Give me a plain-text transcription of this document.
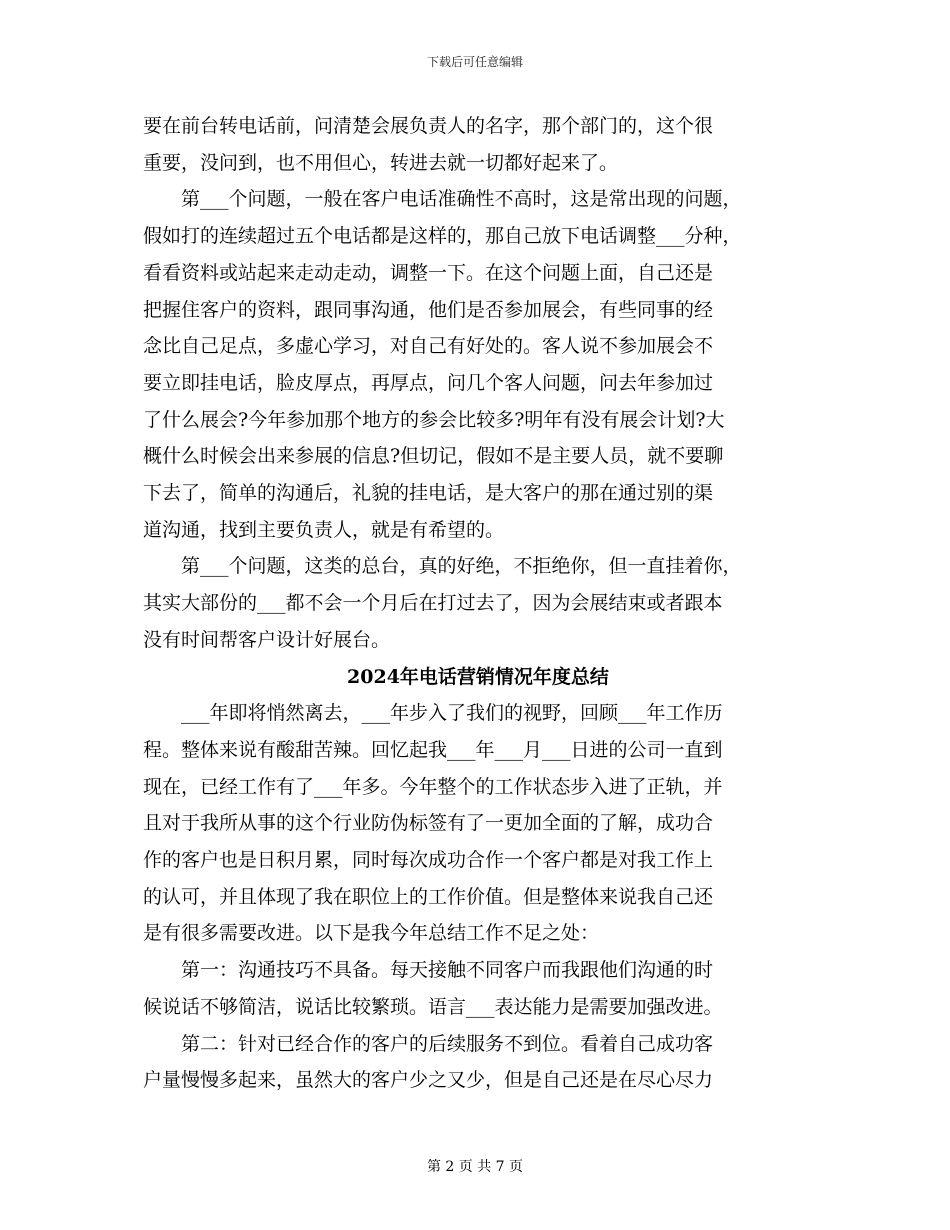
下载后可任意编辑
要在前台转电话前，问清楚会展负责人的名字，那个部门的，这个很
重要，没问到，也不用但心，转进去就一切都好起来了。
第___个问题，一般在客户电话准确性不高时，这是常出现的问题，
假如打的连续超过五个电话都是这样的，那自己放下电话调整___分种，
看看资料或站起来走动走动，调整一下。在这个问题上面，自己还是
把握住客户的资料，跟同事沟通，他们是否参加展会，有些同事的经
念比自己足点，多虚心学习，对自己有好处的。客人说不参加展会不
要立即挂电话，脸皮厚点，再厚点，问几个客人问题，问去年参加过
了什么展会?今年参加那个地方的参会比较多?明年有没有展会计划?大
概什么时候会出来参展的信息?但切记，假如不是主要人员，就不要聊
下去了，简单的沟通后，礼貌的挂电话，是大客户的那在通过别的渠
道沟通，找到主要负责人，就是有希望的。
第___个问题，这类的总台，真的好绝，不拒绝你，但一直挂着你，
其实大部份的___都不会一个月后在打过去了，因为会展结束或者跟本
没有时间帮客户设计好展台。
2024年电话营销情况年度总结
___年即将悄然离去，___年步入了我们的视野，回顾___年工作历
程。整体来说有酸甜苦辣。回忆起我___年___月___日进的公司一直到
现在，已经工作有了___年多。今年整个的工作状态步入进了正轨，并
且对于我所从事的这个行业防伪标签有了一更加全面的了解，成功合
作的客户也是日积月累，同时每次成功合作一个客户都是对我工作上
的认可，并且体现了我在职位上的工作价值。但是整体来说我自己还
是有很多需要改进。以下是我今年总结工作不足之处：
第一：沟通技巧不具备。每天接触不同客户而我跟他们沟通的时
候说话不够简洁，说话比较繁琐。语言___表达能力是需要加强改进。
第二：针对已经合作的客户的后续服务不到位。看着自己成功客
户量慢慢多起来，虽然大的客户少之又少，但是自己还是在尽心尽力
第 2 页 共 7 页
